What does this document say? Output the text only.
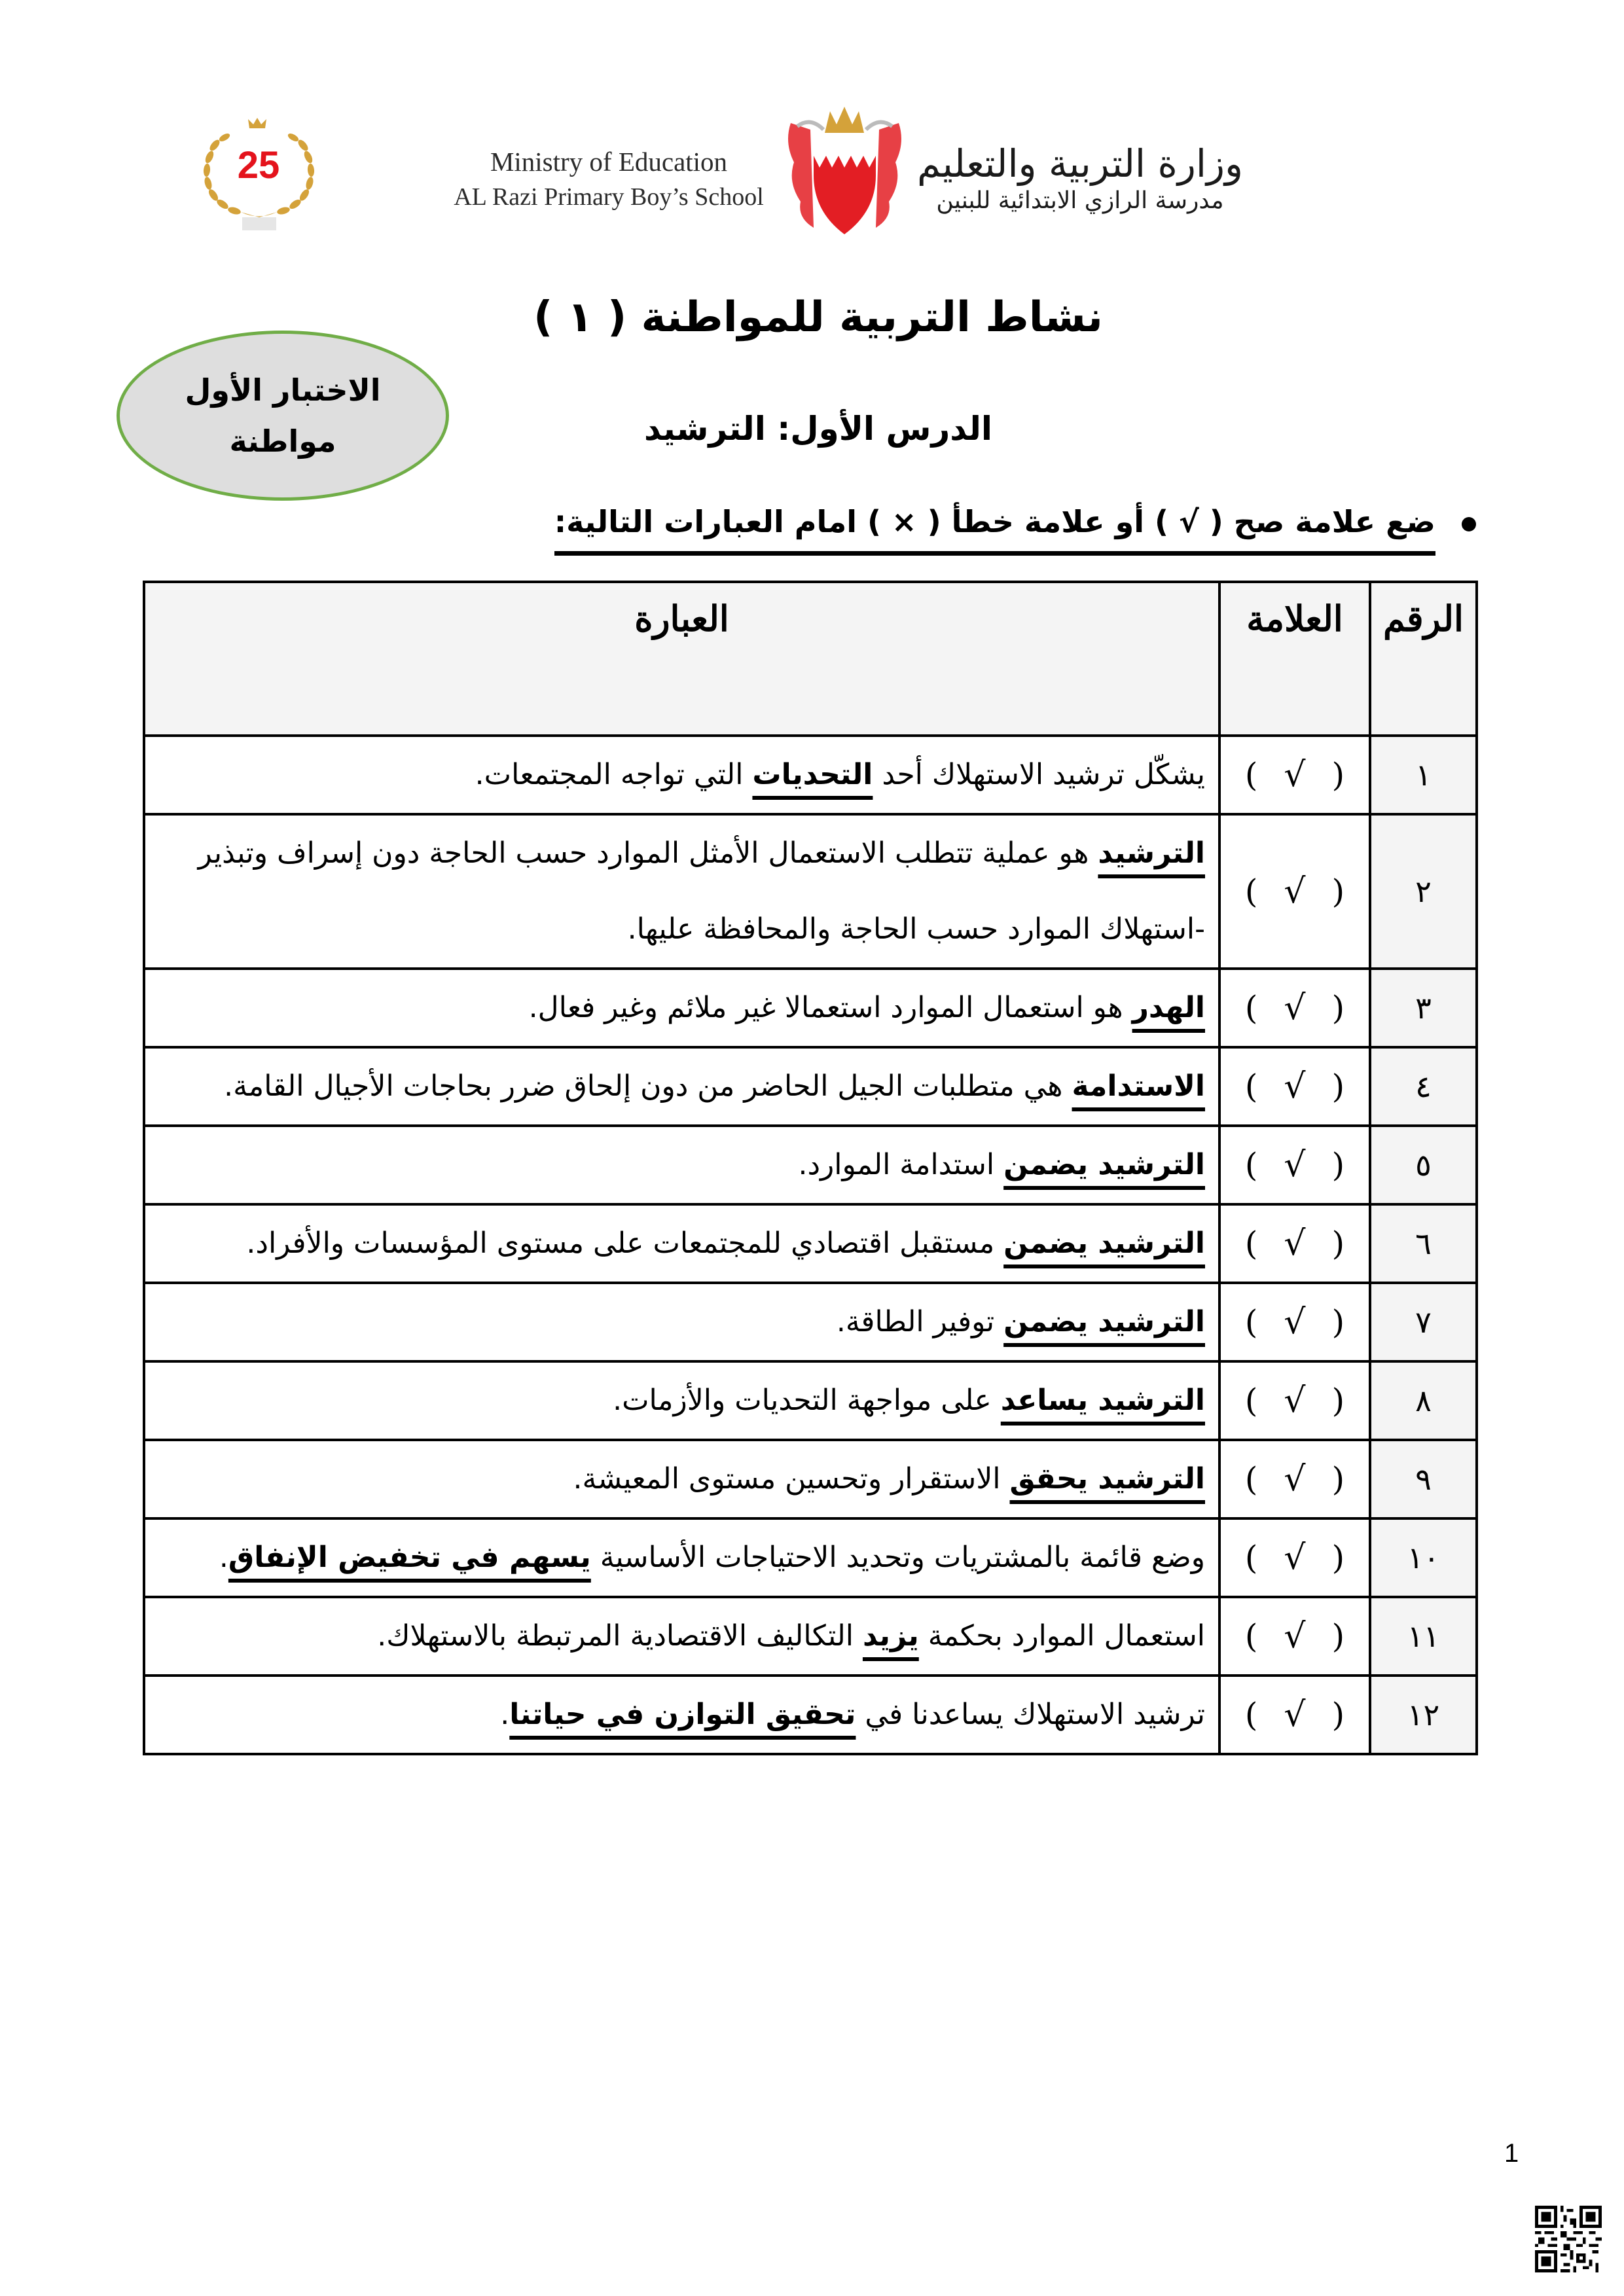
25	Ministry of Education
AL Razi Primary Boy’s School
وزارة التربية والتعليم
مدرسة الرازي الابتدائية للبنين
نشاط التربية للمواطنة ( ١ )
الدرس الأول: الترشيد
الاختبار الأول
مواطنة
ضع علامة صح ( √ ) أو علامة خطأ ( × ) امام العبارات التالية:
الرقم	العلامة	العبارة
١	( √ )	يشكّل ترشيد الاستهلاك أحد التحديات التي تواجه المجتمعات.
٢	( √ )	الترشيد هو عملية تتطلب الاستعمال الأمثل الموارد حسب الحاجة دون إسراف وتبذير -استهلاك الموارد حسب الحاجة والمحافظة عليها.
٣	( √ )	الهدر هو استعمال الموارد استعمالا غير ملائم وغير فعال.
٤	( √ )	الاستدامة هي متطلبات الجيل الحاضر من دون إلحاق ضرر بحاجات الأجيال القامة.
٥	( √ )	الترشيد يضمن استدامة الموارد.
٦	( √ )	الترشيد يضمن مستقبل اقتصادي للمجتمعات على مستوى المؤسسات والأفراد.
٧	( √ )	الترشيد يضمن توفير الطاقة.
٨	( √ )	الترشيد يساعد على مواجهة التحديات والأزمات.
٩	( √ )	الترشيد يحقق الاستقرار وتحسين مستوى المعيشة.
١٠	( √ )	وضع قائمة بالمشتريات وتحديد الاحتياجات الأساسية يسهم في تخفيض الإنفاق.
١١	( √ )	استعمال الموارد بحكمة يزيد التكاليف الاقتصادية المرتبطة بالاستهلاك.
١٢	( √ )	ترشيد الاستهلاك يساعدنا في تحقيق التوازن في حياتنا.
1
